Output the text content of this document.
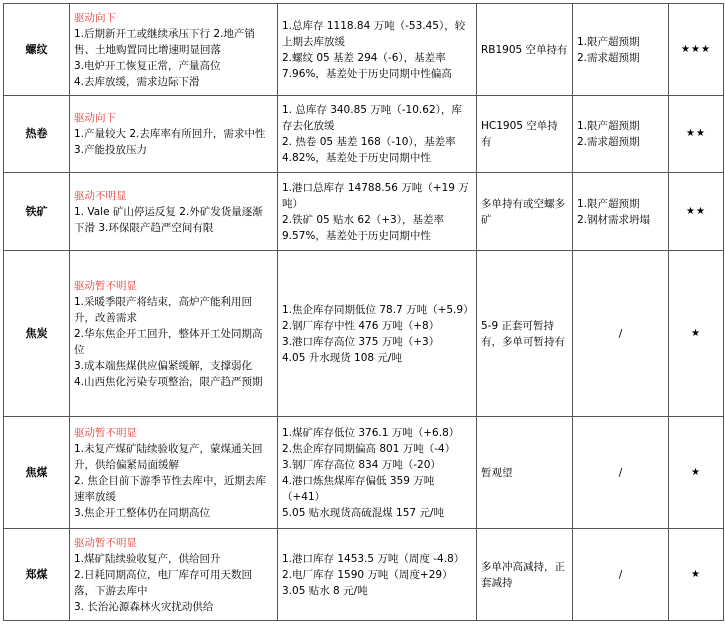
螺纹	驱动向下
1.后期新开工或继续承压下行 2.地产销售、土地购置同比增速明显回落
3.电炉开工恢复正常，产量高位
4.去库放缓，需求边际下滑	1.总库存 1118.84 万吨（-53.45），较上期去库放缓
2.螺纹 05 基差 294（-6），基差率 7.96%，基差处于历史同期中性偏高	RB1905 空单持有	1.限产超预期
2.需求超预期	★★★
热卷	驱动向下
1.产量较大 2.去库率有所回升，需求中性 3.产能投放压力	1. 总库存 340.85 万吨（-10.62），库存去化放缓
2. 热卷 05 基差 168（-10），基差率 4.82%，基差处于历史同期中性	HC1905 空单持有	1.限产超预期
2.需求超预期	★★
铁矿	驱动不明显
1. Vale 矿山停运反复 2.外矿发货量逐渐下滑 3.环保限产趋严空间有限	1.港口总库存 14788.56 万吨（+19 万吨）
2.铁矿 05 贴水 62（+3），基差率 9.57%，基差处于历史同期中性	多单持有或空螺多矿	1.限产超预期
2.钢材需求坍塌	★★
焦炭	驱动暂不明显
1.采暖季限产将结束，高炉产能利用回升，改善需求
2.华东焦企开工回升，整体开工处同期高位
3.成本端焦煤供应偏紧缓解，支撑弱化
4.山西焦化污染专项整治，限产趋严预期	1.焦企库存同期低位 78.7 万吨（+5.9）
2.钢厂库存中性 476 万吨（+8）
3.港口库存高位 375 万吨（+3）
4.05 升水现货 108 元/吨	5-9 正套可暂持有，多单可暂持有	/	★
焦煤	驱动暂不明显
1.未复产煤矿陆续验收复产，蒙煤通关回升，供给偏紧局面缓解
2. 焦企目前下游季节性去库中，近期去库速率放缓
3.焦企开工整体仍在同期高位	1.煤矿库存低位 376.1 万吨（+6.8）
2.焦企库存同期偏高 801 万吨（-4）
3.钢厂库存高位 834 万吨（-20）
4.港口炼焦煤库存偏低 359 万吨（+41）
5.05 贴水现货高硫混煤 157 元/吨	暂观望	/	★
郑煤	驱动暂不明显
1.煤矿陆续验收复产，供给回升
2.日耗同期高位，电厂库存可用天数回落，下游去库中
3. 长治沁源森林火灾扰动供给	1.港口库存 1453.5 万吨（周度 -4.8）
2.电厂库存 1590 万吨（周度+29）
3.05 贴水 8 元/吨	多单冲高减持，正套减持	/	★
